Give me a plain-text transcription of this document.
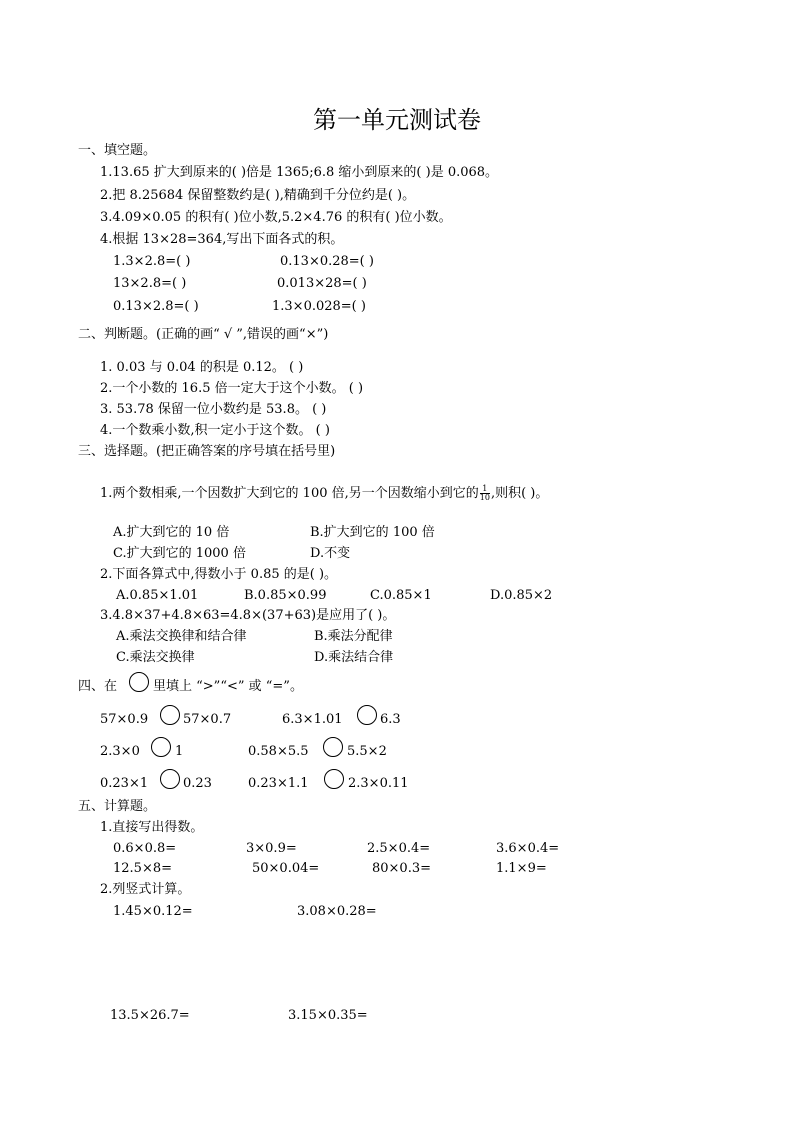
第一单元测试卷
一、填空题。
1.13.65 扩大到原来的( )倍是 1365;6.8 缩小到原来的( )是 0.068。
2.把 8.25684 保留整数约是( ),精确到千分位约是( )。
3.4.09×0.05 的积有( )位小数,5.2×4.76 的积有( )位小数。
4.根据 13×28=364,写出下面各式的积。
1.3×2.8=( )	0.13×0.28=( )
13×2.8=( )	0.013×28=( )
0.13×2.8=( )	1.3×0.028=( )
二、判断题。(正确的画“ √ ”,错误的画“×”)
1. 0.03 与 0.04 的积是 0.12。 ( )
2.一个小数的 16.5 倍一定大于这个小数。 ( )
3. 53.78 保留一位小数约是 53.8。 ( )
4.一个数乘小数,积一定小于这个数。 ( )
三、选择题。(把正确答案的序号填在括号里)
1.两个数相乘,一个因数扩大到它的 100 倍,另一个因数缩小到它的 $\frac{1}{10}$ ,则积( )。
A.扩大到它的 10 倍	B.扩大到它的 100 倍
C.扩大到它的 1000 倍	D.不变
2.下面各算式中,得数小于 0.85 的是( )。
A.0.85×1.01	B.0.85×0.99	C.0.85×1	D.0.85×2
3.4.8×37+4.8×63=4.8×(37+63)是应用了( )。
A.乘法交换律和结合律	B.乘法分配律
C.乘法交换律	D.乘法结合律
四、在	里填上 “>”“<” 或 “=”。
57×0.9	57×0.7	6.3×1.01	6.3
2.3×0	1	0.58×5.5	5.5×2
0.23×1	0.23	0.23×1.1	2.3×0.11
五、计算题。
1.直接写出得数。
0.6×0.8=	3×0.9=	2.5×0.4=	3.6×0.4=
12.5×8=	50×0.04=	80×0.3=	1.1×9=
2.列竖式计算。
1.45×0.12=	3.08×0.28=
13.5×26.7=	3.15×0.35=
